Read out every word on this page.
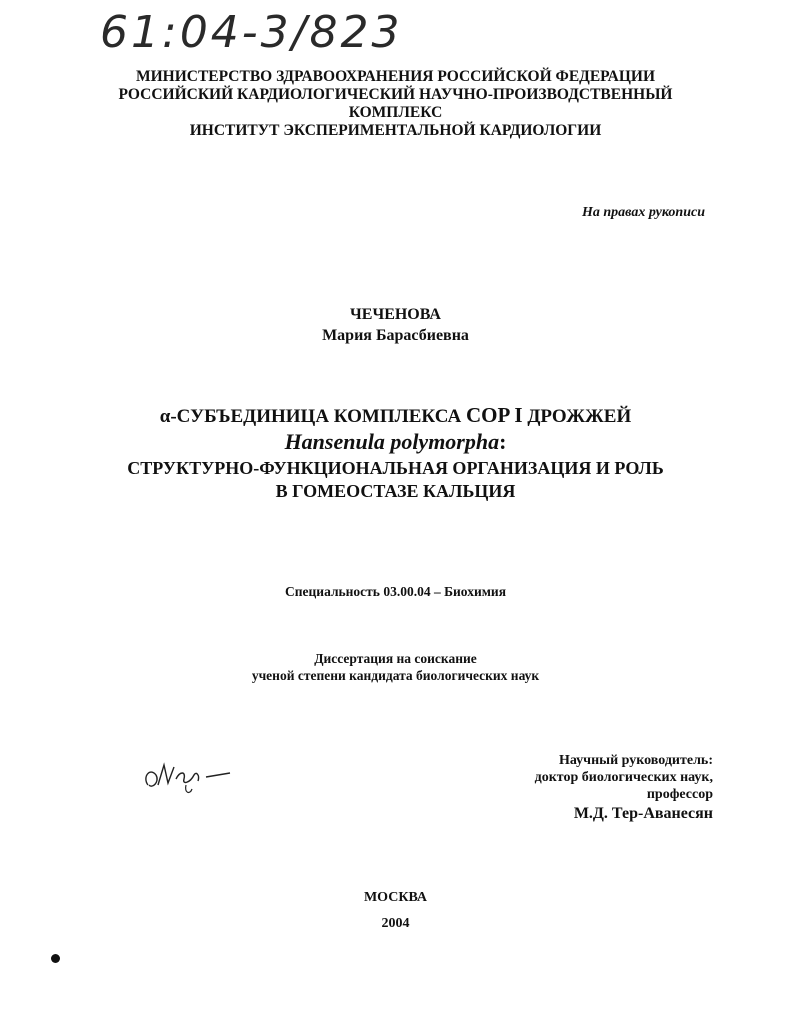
61:04-3/823
МИНИСТЕРСТВО ЗДРАВООХРАНЕНИЯ РОССИЙСКОЙ ФЕДЕРАЦИИ
РОССИЙСКИЙ КАРДИОЛОГИЧЕСКИЙ НАУЧНО-ПРОИЗВОДСТВЕННЫЙ
КОМПЛЕКС
ИНСТИТУТ ЭКСПЕРИМЕНТАЛЬНОЙ КАРДИОЛОГИИ
На правах рукописи
ЧЕЧЕНОВА
Мария Барасбиевна
α-СУБЪЕДИНИЦА КОМПЛЕКСА COP I ДРОЖЖЕЙ
Hansenula polymorpha:
СТРУКТУРНО-ФУНКЦИОНАЛЬНАЯ ОРГАНИЗАЦИЯ И РОЛЬ
В ГОМЕОСТАЗЕ КАЛЬЦИЯ
Специальность 03.00.04 – Биохимия
Диссертация на соискание
ученой степени кандидата биологических наук
Научный руководитель:
доктор биологических наук,
профессор
М.Д. Тер-Аванесян
МОСКВА
2004
